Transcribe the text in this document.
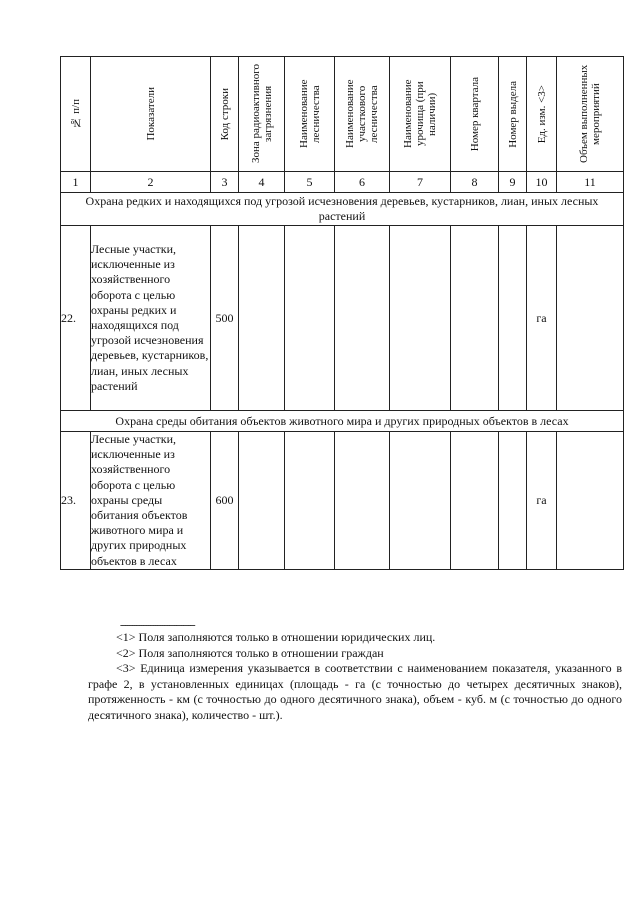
№ п/п	Показатели	Код строки	Зона радиоактивного загрязнения	Наименование лесничества	Наименование участкового лесничества	Наименование урочища (при наличии)	Номер квартала	Номер выдела	Ед. изм. <3>	Объем выполненных мероприятий

1	2	3	4	5	6	7	8	9	10	11
Охрана редких и находящихся под угрозой исчезновения деревьев, кустарников, лиан, иных лесных растений										
22.	Лесные участки, исключенные из хозяйственного оборота с целью охраны редких и находящихся под угрозой исчезновения деревьев, кустарников, лиан, иных лесных растений	500							га	
Охрана среды обитания объектов животного мира и других природных объектов в лесах										
23.	Лесные участки, исключенные из хозяйственного оборота с целью охраны среды обитания объектов животного мира и других природных объектов в лесах	600							га	
--------------------------------

<1> Поля заполняются только в отношении юридических лиц.

<2> Поля заполняются только в отношении граждан

<3> Единица измерения указывается в соответствии с наименованием показателя, указанного в графе 2, в установленных единицах (площадь - га (с точностью до четырех десятичных знаков), протяженность - км (с точностью до одного десятичного знака), объем - куб. м (с точностью до одного десятичного знака), количество - шт.).
